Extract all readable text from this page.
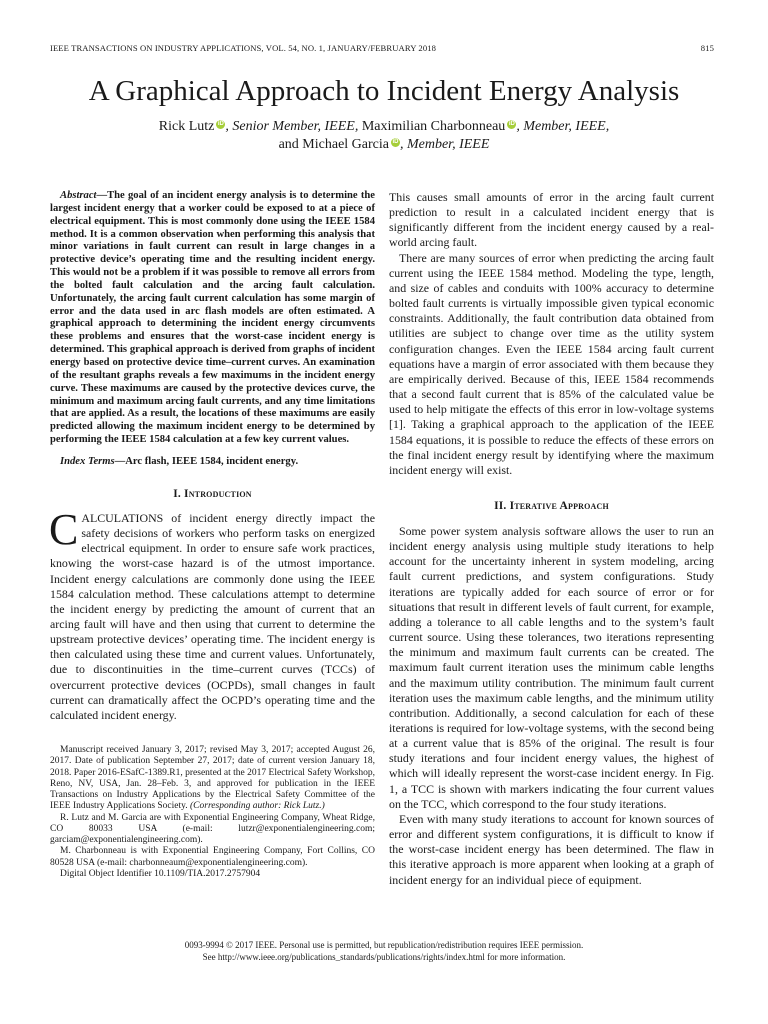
IEEE TRANSACTIONS ON INDUSTRY APPLICATIONS, VOL. 54, NO. 1, JANUARY/FEBRUARY 2018	815
A Graphical Approach to Incident Energy Analysis
Rick Lutz iD , Senior Member, IEEE, Maximilian Charbonneau iD , Member, IEEE,
and Michael Garcia iD , Member, IEEE

Abstract—The goal of an incident energy analysis is to determine the largest incident energy that a worker could be exposed to at a piece of electrical equipment. This is most commonly done using the IEEE 1584 method. It is a common observation when performing this analysis that minor variations in fault current can result in large changes in a protective device’s operating time and the resulting incident energy. This would not be a problem if it was possible to remove all errors from the bolted fault calculation and the arcing fault calculation. Unfortunately, the arcing fault current calculation has some margin of error and the data used in arc flash models are often estimated. A graphical approach to determining the incident energy circumvents these problems and ensures that the worst-case incident energy is determined. This graphical approach is derived from graphs of incident energy based on protective device time–current curves. An examination of the resultant graphs reveals a few maximums in the incident energy curve. These maximums are caused by the protective devices curve, the minimum and maximum arcing fault currents, and any time limitations that are applied. As a result, the locations of these maximums are easily predicted allowing the maximum incident energy to be determined by performing the IEEE 1584 calculation at a few key current values.

Index Terms—Arc flash, IEEE 1584, incident energy.

I. Introduction

CALCULATIONS of incident energy directly impact the safety decisions of workers who perform tasks on energized electrical equipment. In order to ensure safe work practices, knowing the worst-case hazard is of the utmost importance. Incident energy calculations are commonly done using the IEEE 1584 calculation method. These calculations attempt to determine the incident energy by predicting the amount of current that an arcing fault will have and then using that current to determine the upstream protective devices’ operating time. The incident energy is then calculated using these time and current values. Unfortunately, due to discontinuities in the time–current curves (TCCs) of overcurrent protective devices (OCPDs), small changes in fault current can dramatically affect the OCPD’s operating time and the calculated incident energy.

Manuscript received January 3, 2017; revised May 3, 2017; accepted August 26, 2017. Date of publication September 27, 2017; date of current version January 18, 2018. Paper 2016-ESafC-1389.R1, presented at the 2017 Electrical Safety Workshop, Reno, NV, USA, Jan. 28–Feb. 3, and approved for publication in the IEEE Transactions on Industry Applications by the Electrical Safety Committee of the IEEE Industry Applications Society. (Corresponding author: Rick Lutz.)

R. Lutz and M. Garcia are with Exponential Engineering Company, Wheat Ridge, CO 80033 USA (e-mail: lutzr@exponentialengineering.com; garciam@exponentialengineering.com).

M. Charbonneau is with Exponential Engineering Company, Fort Collins, CO 80528 USA (e-mail: charbonneaum@exponentialengineering.com).

Digital Object Identifier 10.1109/TIA.2017.2757904

This causes small amounts of error in the arcing fault current prediction to result in a calculated incident energy that is significantly different from the incident energy caused by a real-world arcing fault.

There are many sources of error when predicting the arcing fault current using the IEEE 1584 method. Modeling the type, length, and size of cables and conduits with 100% accuracy to determine bolted fault currents is virtually impossible given typical economic constraints. Additionally, the fault contribution data obtained from utilities are subject to change over time as the utility system configuration changes. Even the IEEE 1584 arcing fault current equations have a margin of error associated with them because they are empirically derived. Because of this, IEEE 1584 recommends that a second fault current that is 85% of the calculated value be used to help mitigate the effects of this error in low-voltage systems [1]. Taking a graphical approach to the application of the IEEE 1584 equations, it is possible to reduce the effects of these errors on the final incident energy result by identifying where the maximum incident energy will exist.

II. Iterative Approach

Some power system analysis software allows the user to run an incident energy analysis using multiple study iterations to help account for the uncertainty inherent in system modeling, arcing fault current predictions, and system configurations. Study iterations are typically added for each source of error or for situations that result in different levels of fault current, for example, adding a tolerance to all cable lengths and to the system’s fault current source. Using these tolerances, two iterations representing the minimum and maximum fault currents can be created. The maximum fault current iteration uses the minimum cable lengths and the maximum utility contribution. The minimum fault current iteration uses the maximum cable lengths, and the minimum utility contribution. Additionally, a second calculation for each of these iterations is required for low-voltage systems, with the second being at a current value that is 85% of the original. The result is four study iterations and four incident energy values, the highest of which will ideally represent the worst-case incident energy. In Fig. 1, a TCC is shown with markers indicating the four current values on the TCC, which correspond to the four study iterations.

Even with many study iterations to account for known sources of error and different system configurations, it is difficult to know if the worst-case incident energy has been determined. The flaw in this iterative approach is more apparent when looking at a graph of incident energy for an individual piece of equipment.

0093-9994 © 2017 IEEE. Personal use is permitted, but republication/redistribution requires IEEE permission.
See http://www.ieee.org/publications_standards/publications/rights/index.html for more information.
